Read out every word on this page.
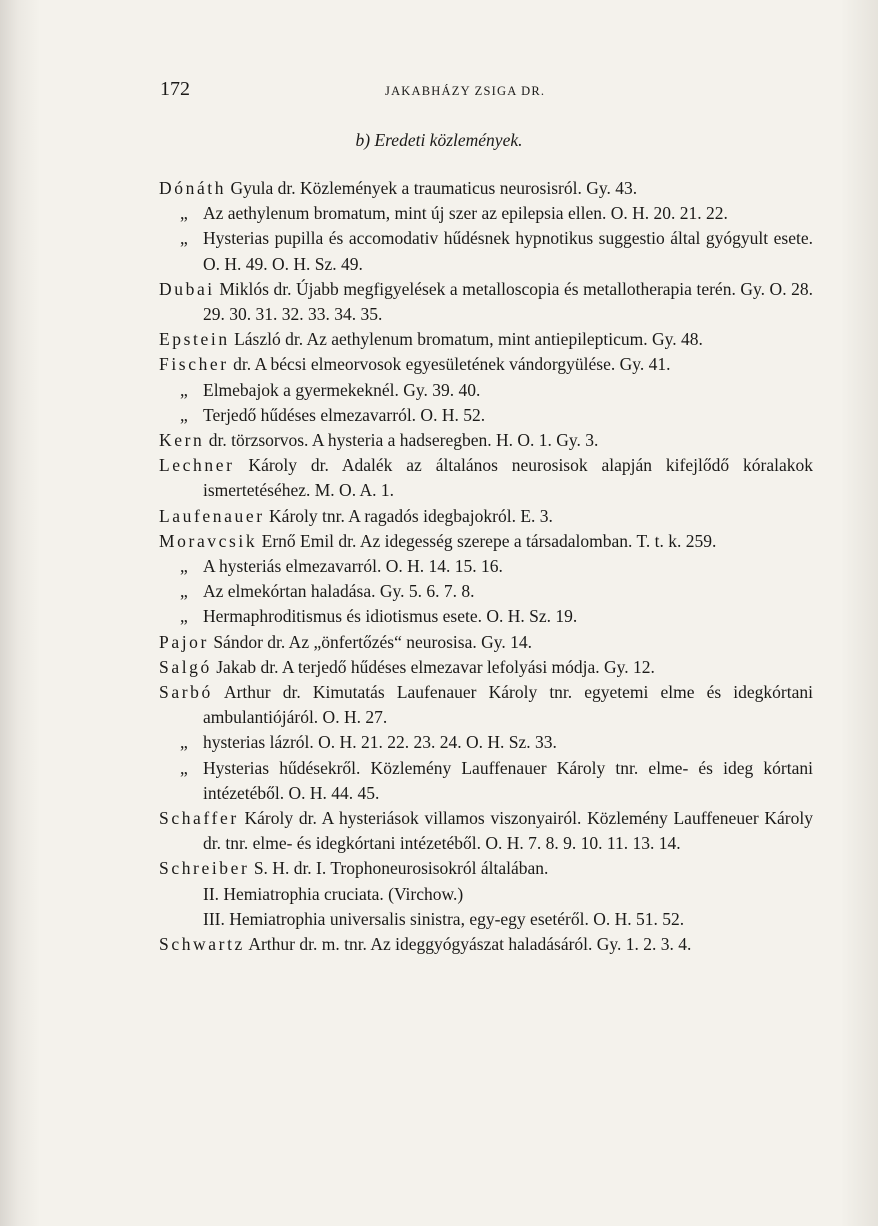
172	JAKABHÁZY ZSIGA DR.
b) Eredeti közlemények.
Dónáth Gyula dr. Közlemények a traumaticus neurosisról. Gy. 43.
„ Az aethylenum bromatum, mint új szer az epilepsia ellen. O. H. 20. 21. 22.
„ Hysterias pupilla és accomodativ hűdésnek hypnotikus suggestio által gyógyult esete. O. H. 49. O. H. Sz. 49.
Dubai Miklós dr. Újabb megfigyelések a metalloscopia és metallotherapia terén. Gy. O. 28. 29. 30. 31. 32. 33. 34. 35.
Epstein László dr. Az aethylenum bromatum, mint antiepilepticum. Gy. 48.
Fischer dr. A bécsi elmeorvosok egyesületének vándorgyülése. Gy. 41.
„ Elmebajok a gyermekeknél. Gy. 39. 40.
„ Terjedő hűdéses elmezavarról. O. H. 52.
Kern dr. törzsorvos. A hysteria a hadseregben. H. O. 1. Gy. 3.
Lechner Károly dr. Adalék az általános neurosisok alapján kifejlődő kóralakok ismertetéséhez. M. O. A. 1.
Laufenauer Károly tnr. A ragadós idegbajokról. E. 3.
Moravcsik Ernő Emil dr. Az idegesség szerepe a társadalomban. T. t. k. 259.
„ A hysteriás elmezavarról. O. H. 14. 15. 16.
„ Az elmekórtan haladása. Gy. 5. 6. 7. 8.
„ Hermaphroditismus és idiotismus esete. O. H. Sz. 19.
Pajor Sándor dr. Az „önfertőzés“ neurosisa. Gy. 14.
Salgó Jakab dr. A terjedő hűdéses elmezavar lefolyási módja. Gy. 12.
Sarbó Arthur dr. Kimutatás Laufenauer Károly tnr. egyetemi elme és idegkórtani ambulantiójáról. O. H. 27.
„ hysterias lázról. O. H. 21. 22. 23. 24. O. H. Sz. 33.
„ Hysterias hűdésekről. Közlemény Lauffenauer Károly tnr. elme- és ideg kórtani intézetéből. O. H. 44. 45.
Schaffer Károly dr. A hysteriások villamos viszonyairól. Közlemény Lauffeneuer Károly dr. tnr. elme- és idegkórtani intézetéből. O. H. 7. 8. 9. 10. 11. 13. 14.
Schreiber S. H. dr. I. Trophoneurosisokról általában.
II. Hemiatrophia cruciata. (Virchow.)
III. Hemiatrophia universalis sinistra, egy-egy esetéről. O. H. 51. 52.
Schwartz Arthur dr. m. tnr. Az ideggyógyászat haladásáról. Gy. 1. 2. 3. 4.
